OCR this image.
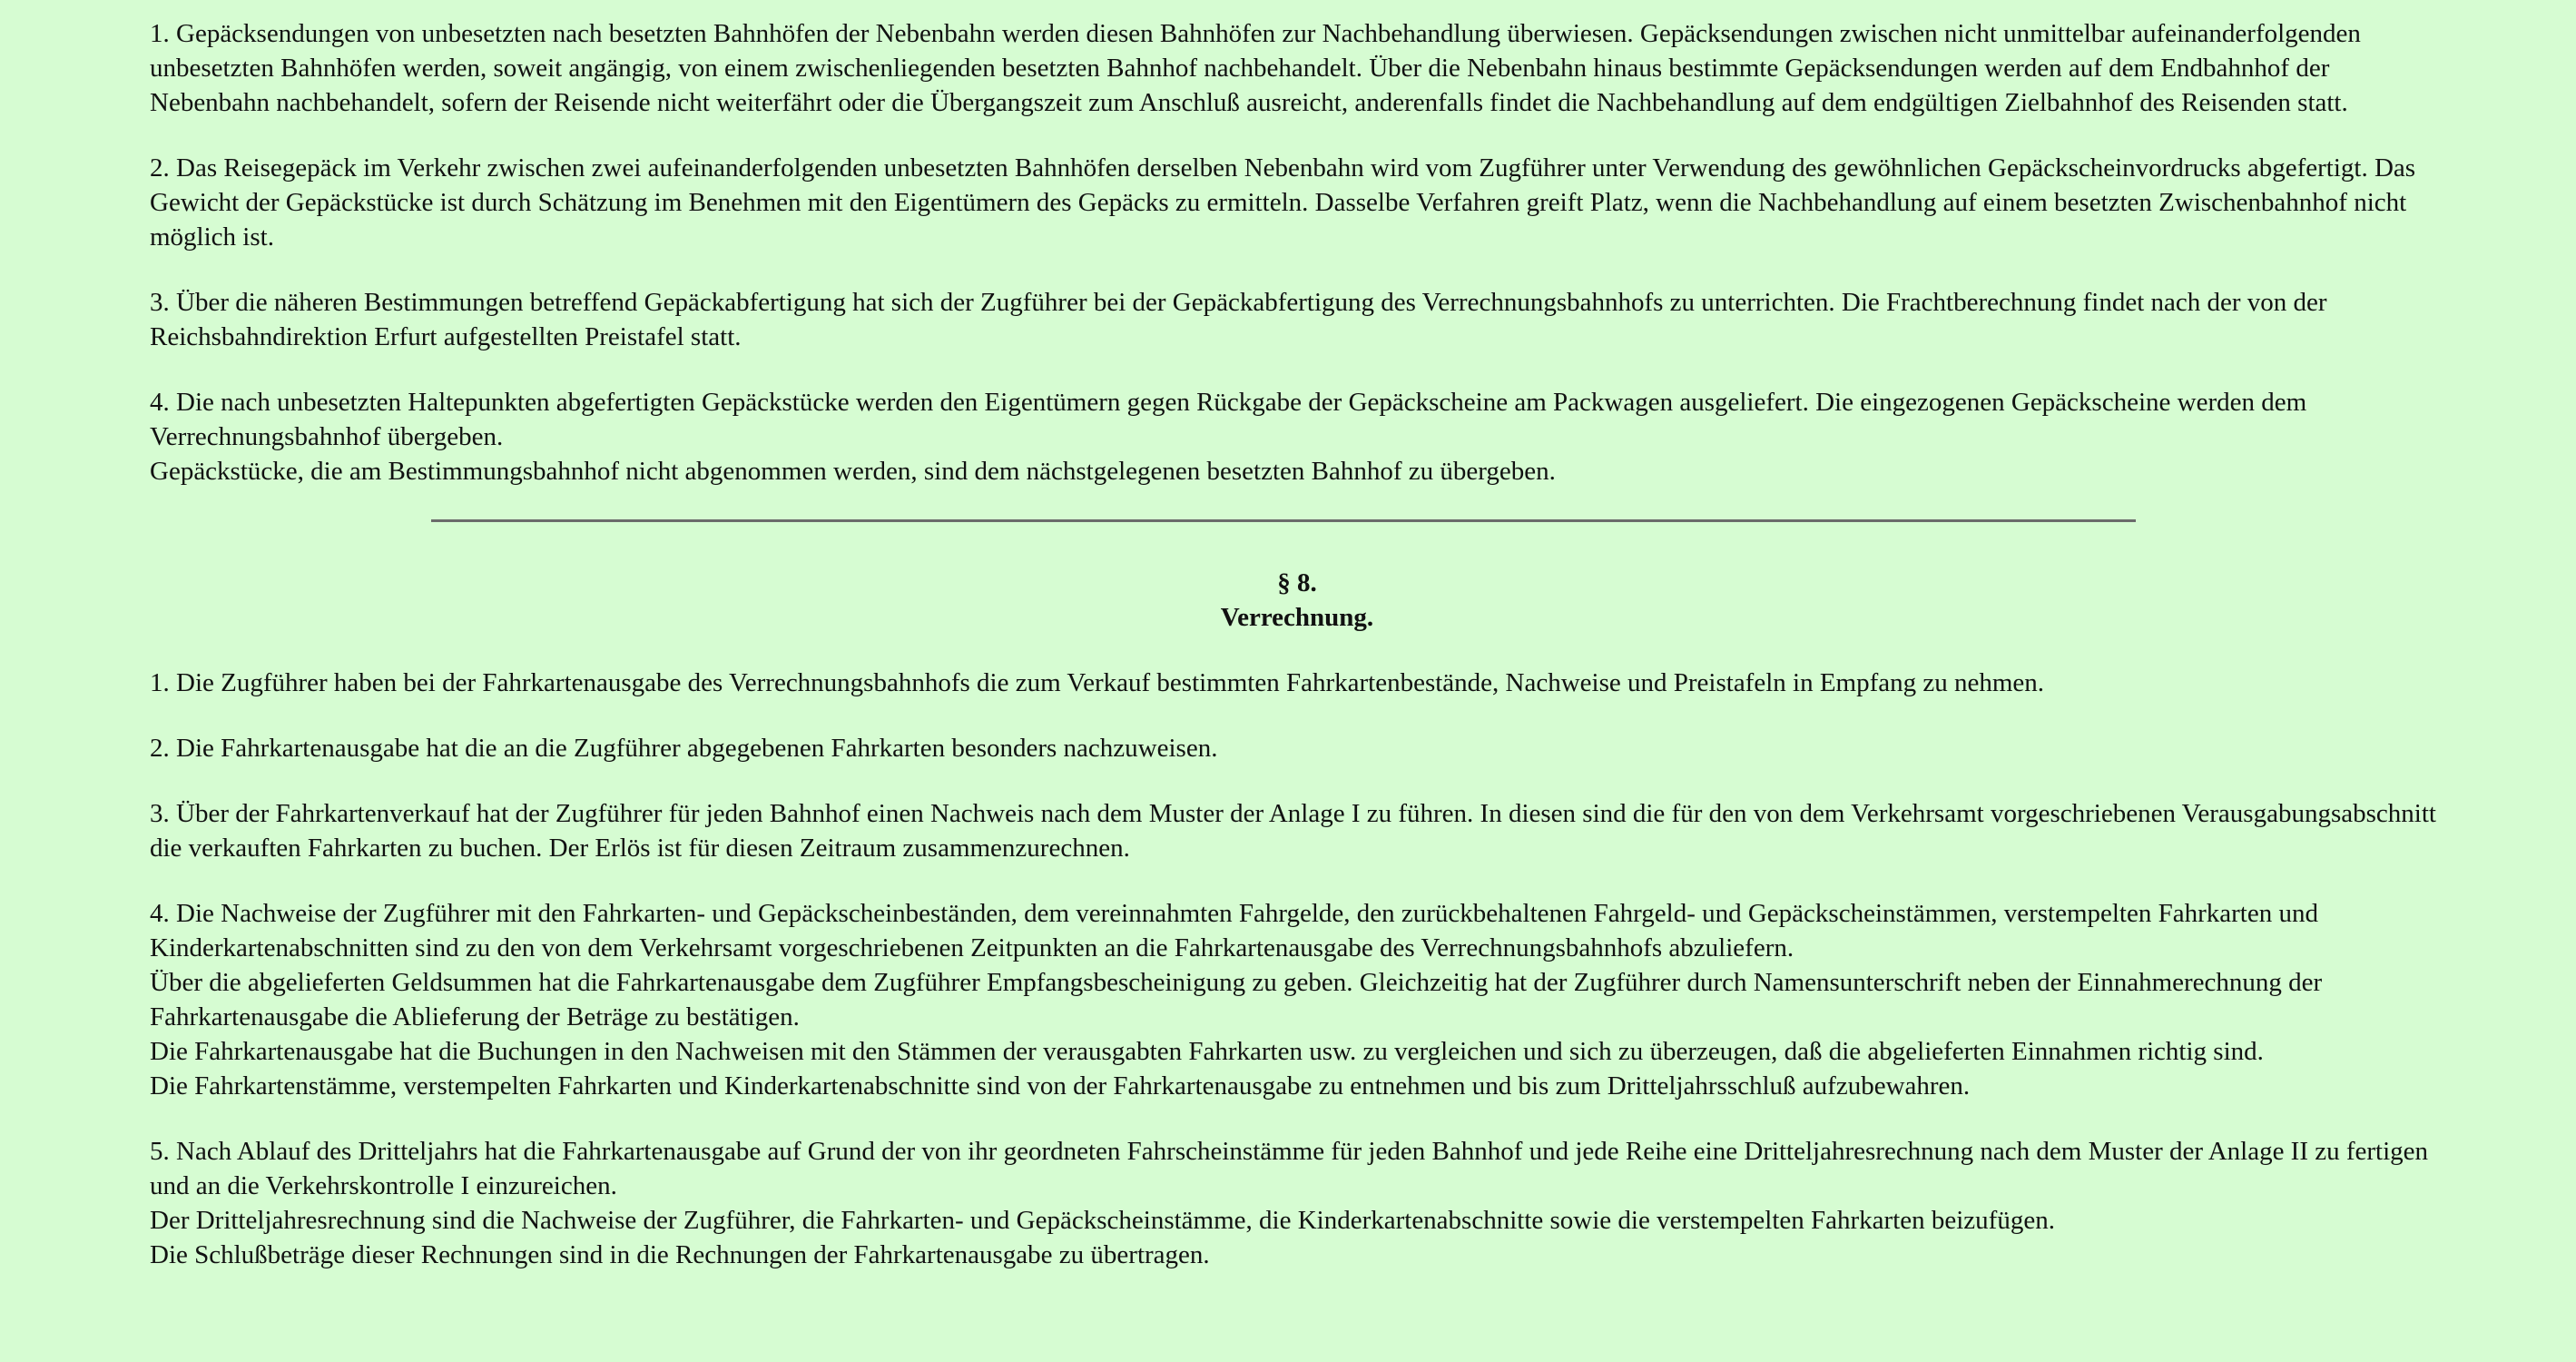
1. Gepäcksendungen von unbesetzten nach besetzten Bahnhöfen der Nebenbahn werden diesen Bahnhöfen zur Nachbehandlung überwiesen. Gepäcksendungen zwischen nicht unmittelbar aufeinanderfolgenden unbesetzten Bahnhöfen werden, soweit angängig, von einem zwischenliegenden besetzten Bahnhof nachbehandelt. Über die Nebenbahn hinaus bestimmte Gepäcksendungen werden auf dem Endbahnhof der Nebenbahn nachbehandelt, sofern der Reisende nicht weiterfährt oder die Übergangszeit zum Anschluß ausreicht, anderenfalls findet die Nachbehandlung auf dem endgültigen Zielbahnhof des Reisenden statt.

2. Das Reisegepäck im Verkehr zwischen zwei aufeinanderfolgenden unbesetzten Bahnhöfen derselben Nebenbahn wird vom Zugführer unter Verwendung des gewöhnlichen Gepäckscheinvordrucks abgefertigt. Das Gewicht der Gepäckstücke ist durch Schätzung im Benehmen mit den Eigentümern des Gepäcks zu ermitteln. Dasselbe Verfahren greift Platz, wenn die Nachbehandlung auf einem besetzten Zwischenbahnhof nicht möglich ist.

3. Über die näheren Bestimmungen betreffend Gepäckabfertigung hat sich der Zugführer bei der Gepäckabfertigung des Verrechnungsbahnhofs zu unterrichten. Die Frachtberechnung findet nach der von der Reichsbahndirektion Erfurt aufgestellten Preistafel statt.

4. Die nach unbesetzten Haltepunkten abgefertigten Gepäckstücke werden den Eigentümern gegen Rückgabe der Gepäckscheine am Packwagen ausgeliefert. Die eingezogenen Gepäckscheine werden dem Verrechnungsbahnhof übergeben.
Gepäckstücke, die am Bestimmungsbahnhof nicht abgenommen werden, sind dem nächstgelegenen besetzten Bahnhof zu übergeben.

§ 8.
Verrechnung.

1. Die Zugführer haben bei der Fahrkartenausgabe des Verrechnungsbahnhofs die zum Verkauf bestimmten Fahrkartenbestände, Nachweise und Preistafeln in Empfang zu nehmen.

2. Die Fahrkartenausgabe hat die an die Zugführer abgegebenen Fahrkarten besonders nachzuweisen.

3. Über der Fahrkartenverkauf hat der Zugführer für jeden Bahnhof einen Nachweis nach dem Muster der Anlage I zu führen. In diesen sind die für den von dem Verkehrsamt vorgeschriebenen Verausgabungsabschnitt die verkauften Fahrkarten zu buchen. Der Erlös ist für diesen Zeitraum zusammenzurechnen.

4. Die Nachweise der Zugführer mit den Fahrkarten- und Gepäckscheinbeständen, dem vereinnahmten Fahrgelde, den zurückbehaltenen Fahrgeld- und Gepäckscheinstämmen, verstempelten Fahrkarten und Kinderkartenabschnitten sind zu den von dem Verkehrsamt vorgeschriebenen Zeitpunkten an die Fahrkartenausgabe des Verrechnungsbahnhofs abzuliefern.
Über die abgelieferten Geldsummen hat die Fahrkartenausgabe dem Zugführer Empfangsbescheinigung zu geben. Gleichzeitig hat der Zugführer durch Namensunterschrift neben der Einnahmerechnung der Fahrkartenausgabe die Ablieferung der Beträge zu bestätigen.
Die Fahrkartenausgabe hat die Buchungen in den Nachweisen mit den Stämmen der verausgabten Fahrkarten usw. zu vergleichen und sich zu überzeugen, daß die abgelieferten Einnahmen richtig sind.
Die Fahrkartenstämme, verstempelten Fahrkarten und Kinderkartenabschnitte sind von der Fahrkartenausgabe zu entnehmen und bis zum Dritteljahrsschluß aufzubewahren.

5. Nach Ablauf des Dritteljahrs hat die Fahrkartenausgabe auf Grund der von ihr geordneten Fahrscheinstämme für jeden Bahnhof und jede Reihe eine Dritteljahresrechnung nach dem Muster der Anlage II zu fertigen und an die Verkehrskontrolle I einzureichen.
Der Dritteljahresrechnung sind die Nachweise der Zugführer, die Fahrkarten- und Gepäckscheinstämme, die Kinderkartenabschnitte sowie die verstempelten Fahrkarten beizufügen.
Die Schlußbeträge dieser Rechnungen sind in die Rechnungen der Fahrkartenausgabe zu übertragen.
